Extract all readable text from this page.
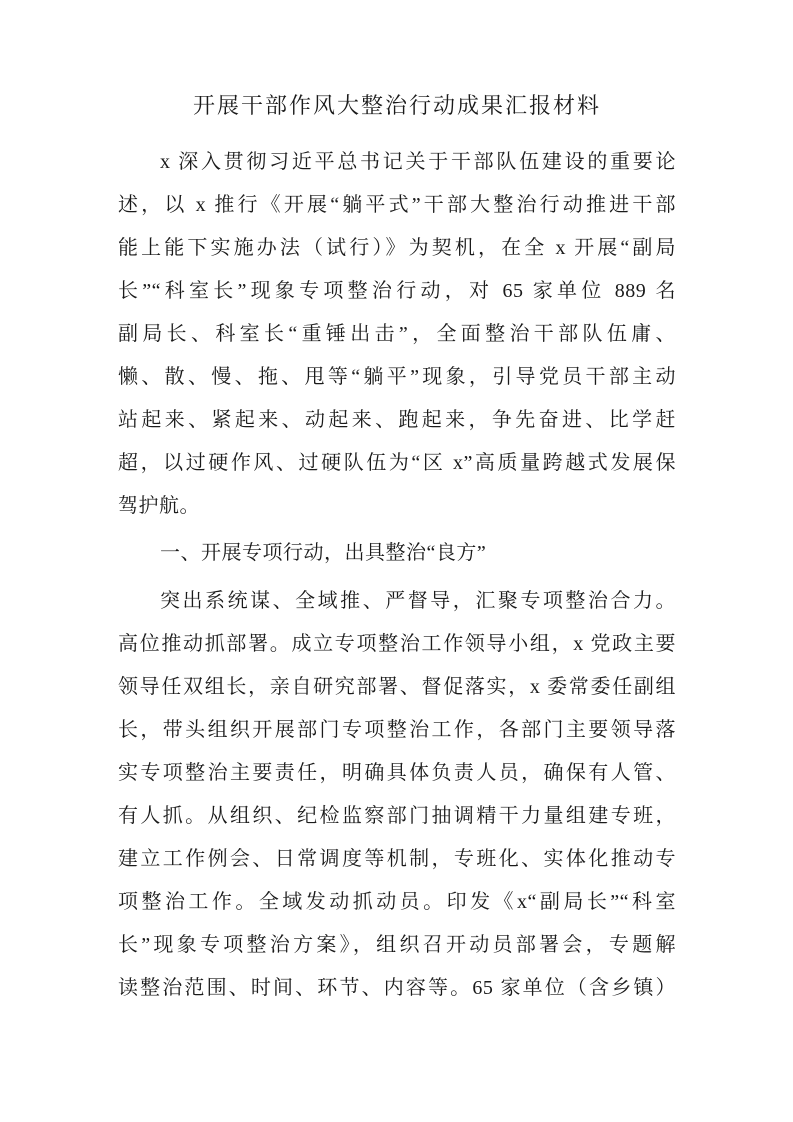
开展干部作风大整治行动成果汇报材料
x 深入贯彻习近平总书记关于干部队伍建设的重要论
述，以 x 推行《开展“躺平式”干部大整治行动推进干部
能上能下实施办法（试行）》为契机，在全 x 开展“副局
长”“科室长”现象专项整治行动，对 65 家单位 889 名
副局长、科室长“重锤出击”，全面整治干部队伍庸、
懒、散、慢、拖、甩等“躺平”现象，引导党员干部主动
站起来、紧起来、动起来、跑起来，争先奋进、比学赶
超，以过硬作风、过硬队伍为“区 x”高质量跨越式发展保
驾护航。
一、开展专项行动，出具整治“良方”
突出系统谋、全域推、严督导，汇聚专项整治合力。
高位推动抓部署。成立专项整治工作领导小组，x 党政主要
领导任双组长，亲自研究部署、督促落实，x 委常委任副组
长，带头组织开展部门专项整治工作，各部门主要领导落
实专项整治主要责任，明确具体负责人员，确保有人管、
有人抓。从组织、纪检监察部门抽调精干力量组建专班，
建立工作例会、日常调度等机制，专班化、实体化推动专
项整治工作。全域发动抓动员。印发《x“副局长”“科室
长”现象专项整治方案》，组织召开动员部署会，专题解
读整治范围、时间、环节、内容等。65 家单位（含乡镇）
